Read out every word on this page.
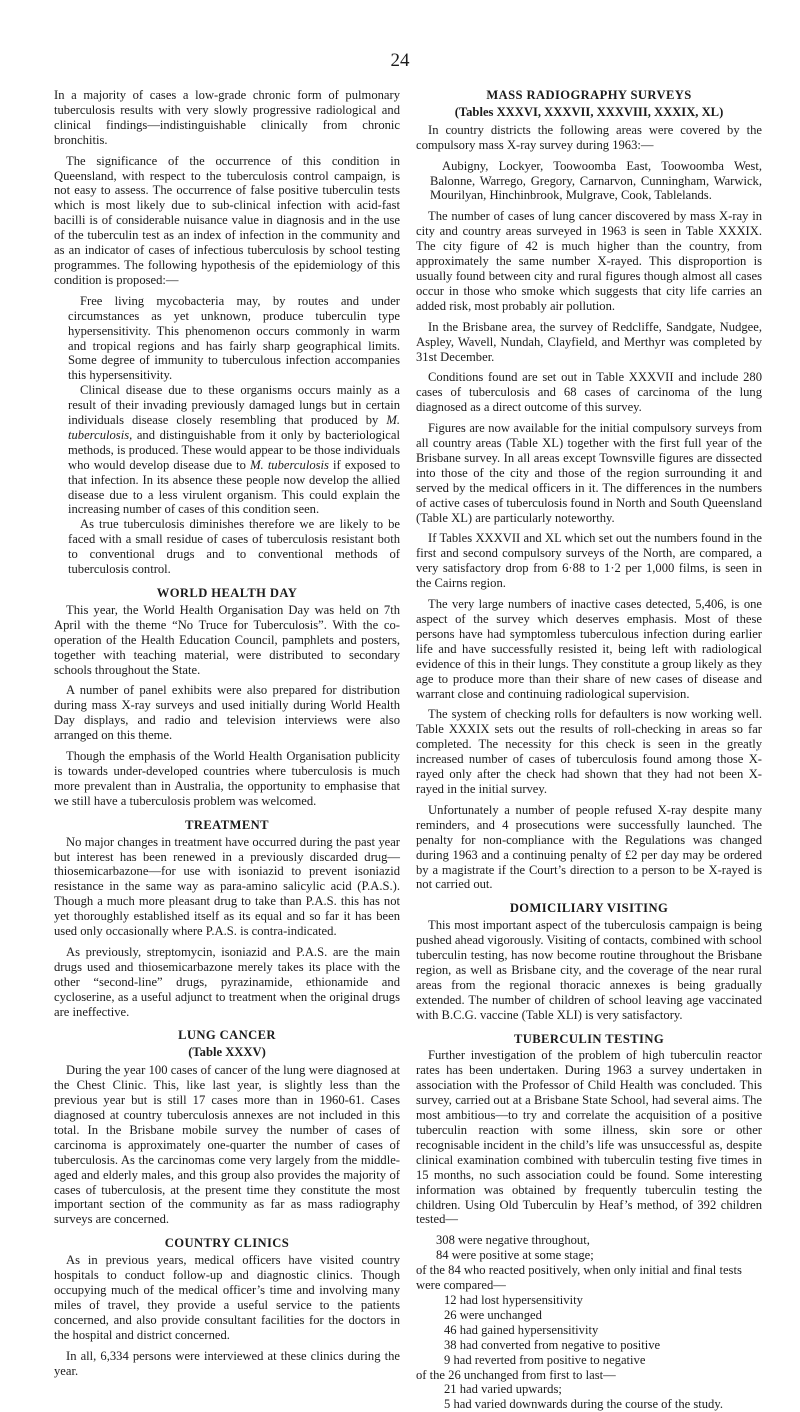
24

In a majority of cases a low-grade chronic form of pulmonary tuberculosis results with very slowly progressive radiological and clinical findings—indistinguishable clinically from chronic bronchitis.

The significance of the occurrence of this condition in Queensland, with respect to the tuberculosis control campaign, is not easy to assess. The occurrence of false positive tuberculin tests which is most likely due to sub-clinical infection with acid-fast bacilli is of considerable nuisance value in diagnosis and in the use of the tuberculin test as an index of infection in the community and as an indicator of cases of infectious tuberculosis by school testing programmes. The following hypothesis of the epidemiology of this condition is proposed:—

Free living mycobacteria may, by routes and under circumstances as yet unknown, produce tuberculin type hypersensitivity. This phenomenon occurs commonly in warm and tropical regions and has fairly sharp geographical limits. Some degree of immunity to tuberculous infection accompanies this hypersensitivity.

Clinical disease due to these organisms occurs mainly as a result of their invading previously damaged lungs but in certain individuals disease closely resembling that produced by M. tuberculosis, and distinguishable from it only by bacteriological methods, is produced. These would appear to be those individuals who would develop disease due to M. tuberculosis if exposed to that infection. In its absence these people now develop the allied disease due to a less virulent organism. This could explain the increasing number of cases of this condition seen.

As true tuberculosis diminishes therefore we are likely to be faced with a small residue of cases of tuberculosis resistant both to conventional drugs and to conventional methods of tuberculosis control.

WORLD HEALTH DAY

This year, the World Health Organisation Day was held on 7th April with the theme “No Truce for Tuberculosis”. With the co-operation of the Health Education Council, pamphlets and posters, together with teaching material, were distributed to secondary schools throughout the State.

A number of panel exhibits were also prepared for distribution during mass X-ray surveys and used initially during World Health Day displays, and radio and television interviews were also arranged on this theme.

Though the emphasis of the World Health Organisation publicity is towards under-developed countries where tuberculosis is much more prevalent than in Australia, the opportunity to emphasise that we still have a tuberculosis problem was welcomed.

TREATMENT

No major changes in treatment have occurred during the past year but interest has been renewed in a previously discarded drug—thiosemicarbazone—for use with isoniazid to prevent isoniazid resistance in the same way as para-amino salicylic acid (P.A.S.). Though a much more pleasant drug to take than P.A.S. this has not yet thoroughly established itself as its equal and so far it has been used only occasionally where P.A.S. is contra-indicated.

As previously, streptomycin, isoniazid and P.A.S. are the main drugs used and thiosemicarbazone merely takes its place with the other “second-line” drugs, pyrazinamide, ethionamide and cycloserine, as a useful adjunct to treatment when the original drugs are ineffective.

LUNG CANCER
(Table XXXV)

During the year 100 cases of cancer of the lung were diagnosed at the Chest Clinic. This, like last year, is slightly less than the previous year but is still 17 cases more than in 1960-61. Cases diagnosed at country tuberculosis annexes are not included in this total. In the Brisbane mobile survey the number of cases of carcinoma is approximately one-quarter the number of cases of tuberculosis. As the carcinomas come very largely from the middle-aged and elderly males, and this group also provides the majority of cases of tuberculosis, at the present time they constitute the most important section of the community as far as mass radiography surveys are concerned.

COUNTRY CLINICS

As in previous years, medical officers have visited country hospitals to conduct follow-up and diagnostic clinics. Though occupying much of the medical officer’s time and involving many miles of travel, they provide a useful service to the patients concerned, and also provide consultant facilities for the doctors in the hospital and district concerned.

In all, 6,334 persons were interviewed at these clinics during the year.

MASS RADIOGRAPHY SURVEYS
(Tables XXXVI, XXXVII, XXXVIII, XXXIX, XL)

In country districts the following areas were covered by the compulsory mass X-ray survey during 1963:—

Aubigny, Lockyer, Toowoomba East, Toowoomba West, Balonne, Warrego, Gregory, Carnarvon, Cunningham, Warwick, Mourilyan, Hinchinbrook, Mulgrave, Cook, Tablelands.

The number of cases of lung cancer discovered by mass X-ray in city and country areas surveyed in 1963 is seen in Table XXXIX. The city figure of 42 is much higher than the country, from approximately the same number X-rayed. This disproportion is usually found between city and rural figures though almost all cases occur in those who smoke which suggests that city life carries an added risk, most probably air pollution.

In the Brisbane area, the survey of Redcliffe, Sandgate, Nudgee, Aspley, Wavell, Nundah, Clayfield, and Merthyr was completed by 31st December.

Conditions found are set out in Table XXXVII and include 280 cases of tuberculosis and 68 cases of carcinoma of the lung diagnosed as a direct outcome of this survey.

Figures are now available for the initial compulsory surveys from all country areas (Table XL) together with the first full year of the Brisbane survey. In all areas except Townsville figures are dissected into those of the city and those of the region surrounding it and served by the medical officers in it. The differences in the numbers of active cases of tuberculosis found in North and South Queensland (Table XL) are particularly noteworthy.

If Tables XXXVII and XL which set out the numbers found in the first and second compulsory surveys of the North, are compared, a very satisfactory drop from 6·88 to 1·2 per 1,000 films, is seen in the Cairns region.

The very large numbers of inactive cases detected, 5,406, is one aspect of the survey which deserves emphasis. Most of these persons have had symptomless tuberculous infection during earlier life and have successfully resisted it, being left with radiological evidence of this in their lungs. They constitute a group likely as they age to produce more than their share of new cases of disease and warrant close and continuing radiological supervision.

The system of checking rolls for defaulters is now working well. Table XXXIX sets out the results of roll-checking in areas so far completed. The necessity for this check is seen in the greatly increased number of cases of tuberculosis found among those X-rayed only after the check had shown that they had not been X-rayed in the initial survey.

Unfortunately a number of people refused X-ray despite many reminders, and 4 prosecutions were successfully launched. The penalty for non-compliance with the Regulations was changed during 1963 and a continuing penalty of £2 per day may be ordered by a magistrate if the Court’s direction to a person to be X-rayed is not carried out.

DOMICILIARY VISITING

This most important aspect of the tuberculosis campaign is being pushed ahead vigorously. Visiting of contacts, combined with school tuberculin testing, has now become routine throughout the Brisbane region, as well as Brisbane city, and the coverage of the near rural areas from the regional thoracic annexes is being gradually extended. The number of children of school leaving age vaccinated with B.C.G. vaccine (Table XLI) is very satisfactory.

TUBERCULIN TESTING

Further investigation of the problem of high tuberculin reactor rates has been undertaken. During 1963 a survey undertaken in association with the Professor of Child Health was concluded. This survey, carried out at a Brisbane State School, had several aims. The most ambitious—to try and correlate the acquisition of a positive tuberculin reaction with some illness, skin sore or other recognisable incident in the child’s life was unsuccessful as, despite clinical examination combined with tuberculin testing five times in 15 months, no such association could be found. Some interesting information was obtained by frequently tuberculin testing the children. Using Old Tuberculin by Heaf’s method, of 392 children tested—

308 were negative throughout,
84 were positive at some stage;
of the 84 who reacted positively, when only initial and final tests were compared—
12 had lost hypersensitivity
26 were unchanged
46 had gained hypersensitivity
38 had converted from negative to positive
9 had reverted from positive to negative
of the 26 unchanged from first to last—
21 had varied upwards;
5 had varied downwards during the course of the study.
